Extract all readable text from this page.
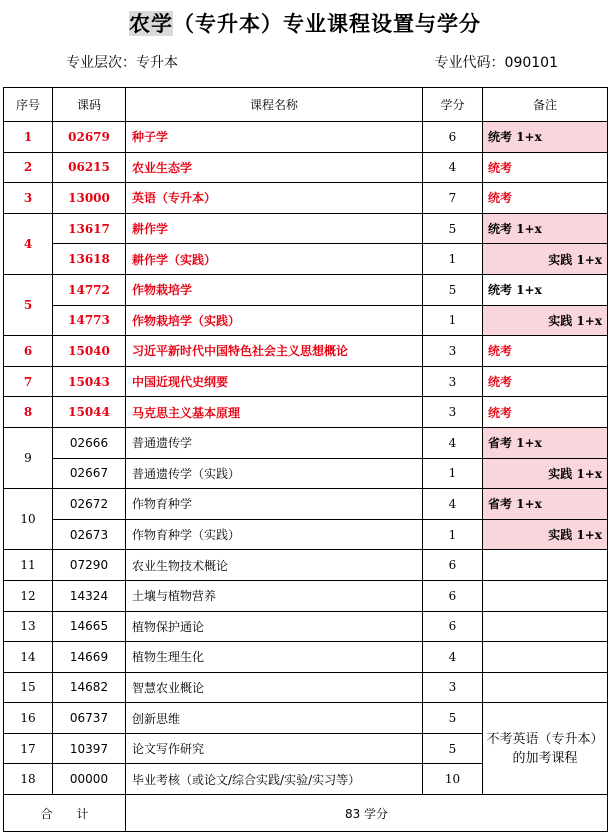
农学（专升本）专业课程设置与学分
专业层次：专升本	专业代码：090101
序号	课码	课程名称	学分	备注
1	02679	种子学	6	统考 1+x
2	06215	农业生态学	4	统考
3	13000	英语（专升本）	7	统考
4	13617	耕作学	5	统考 1+x
	13618	耕作学（实践）	1	实践 1+x
5	14772	作物栽培学	5	统考 1+x
	14773	作物栽培学（实践）	1	实践 1+x
6	15040	习近平新时代中国特色社会主义思想概论	3	统考
7	15043	中国近现代史纲要	3	统考
8	15044	马克思主义基本原理	3	统考
9	02666	普通遗传学	4	省考 1+x
	02667	普通遗传学（实践）	1	实践 1+x
10	02672	作物育种学	4	省考 1+x
	02673	作物育种学（实践）	1	实践 1+x
11	07290	农业生物技术概论	6	
12	14324	土壤与植物营养	6	
13	14665	植物保护通论	6	
14	14669	植物生理生化	4	
15	14682	智慧农业概论	3	
16	06737	创新思维	5	不考英语（专升本）的加考课程
17	10397	论文写作研究	5	
18	00000	毕业考核（或论文/综合实践/实验/实习等）	10	
合　　计		83 学分		
